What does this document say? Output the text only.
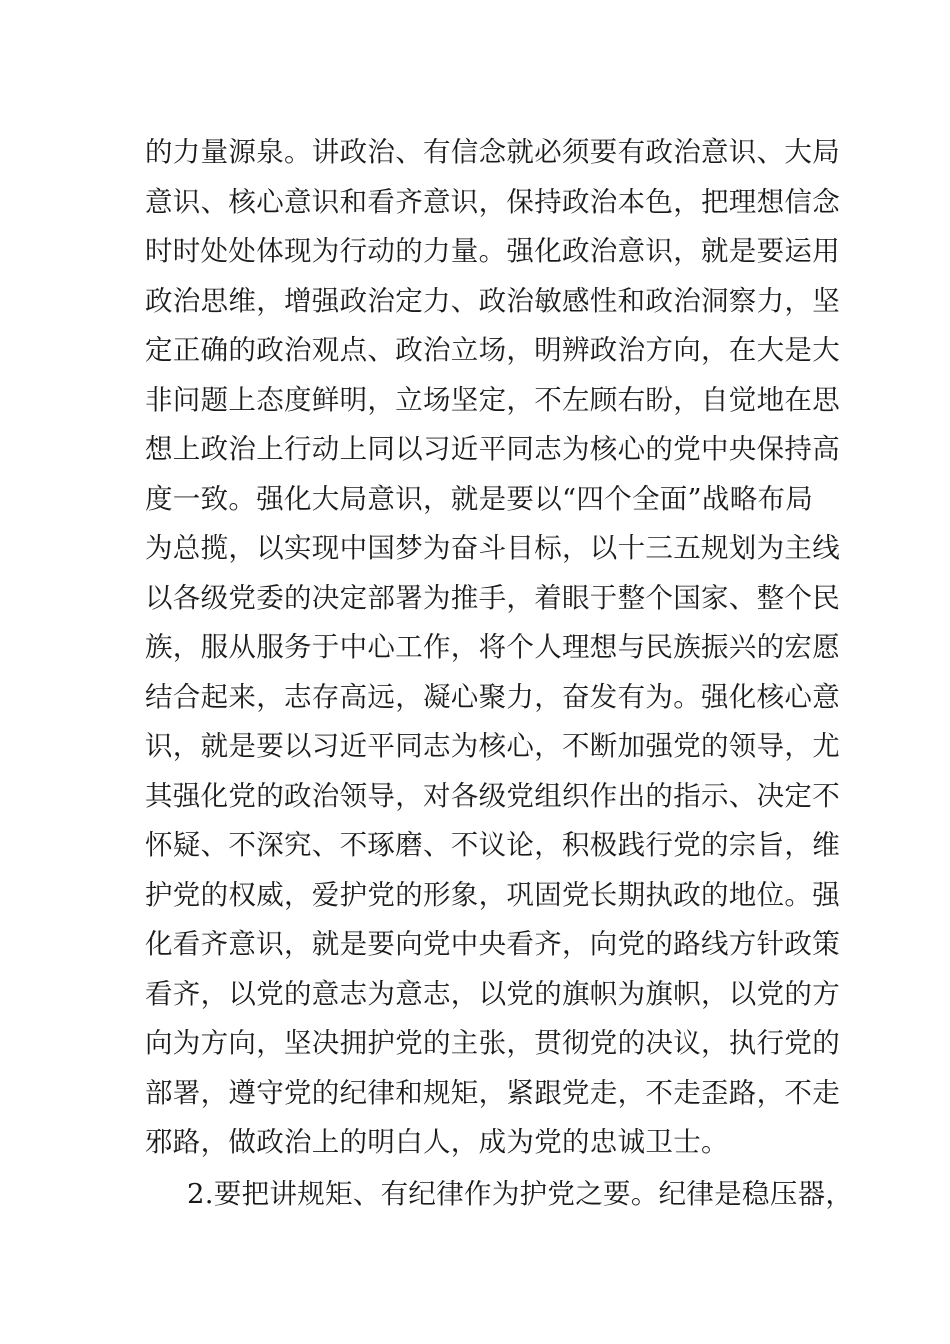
的力量源泉。讲政治、有信念就必须要有政治意识、大局
意识、核心意识和看齐意识，保持政治本色，把理想信念
时时处处体现为行动的力量。强化政治意识，就是要运用
政治思维，增强政治定力、政治敏感性和政治洞察力，坚
定正确的政治观点、政治立场，明辨政治方向，在大是大
非问题上态度鲜明，立场坚定，不左顾右盼，自觉地在思
想上政治上行动上同以习近平同志为核心的党中央保持高
度一致。强化大局意识，就是要以“四个全面”战略布局
为总揽，以实现中国梦为奋斗目标，以十三五规划为主线
以各级党委的决定部署为推手，着眼于整个国家、整个民
族，服从服务于中心工作，将个人理想与民族振兴的宏愿
结合起来，志存高远，凝心聚力，奋发有为。强化核心意
识，就是要以习近平同志为核心，不断加强党的领导，尤
其强化党的政治领导，对各级党组织作出的指示、决定不
怀疑、不深究、不琢磨、不议论，积极践行党的宗旨，维
护党的权威，爱护党的形象，巩固党长期执政的地位。强
化看齐意识，就是要向党中央看齐，向党的路线方针政策
看齐，以党的意志为意志，以党的旗帜为旗帜，以党的方
向为方向，坚决拥护党的主张，贯彻党的决议，执行党的
部署，遵守党的纪律和规矩，紧跟党走，不走歪路，不走
邪路，做政治上的明白人，成为党的忠诚卫士。
2.要把讲规矩、有纪律作为护党之要。纪律是稳压器，
